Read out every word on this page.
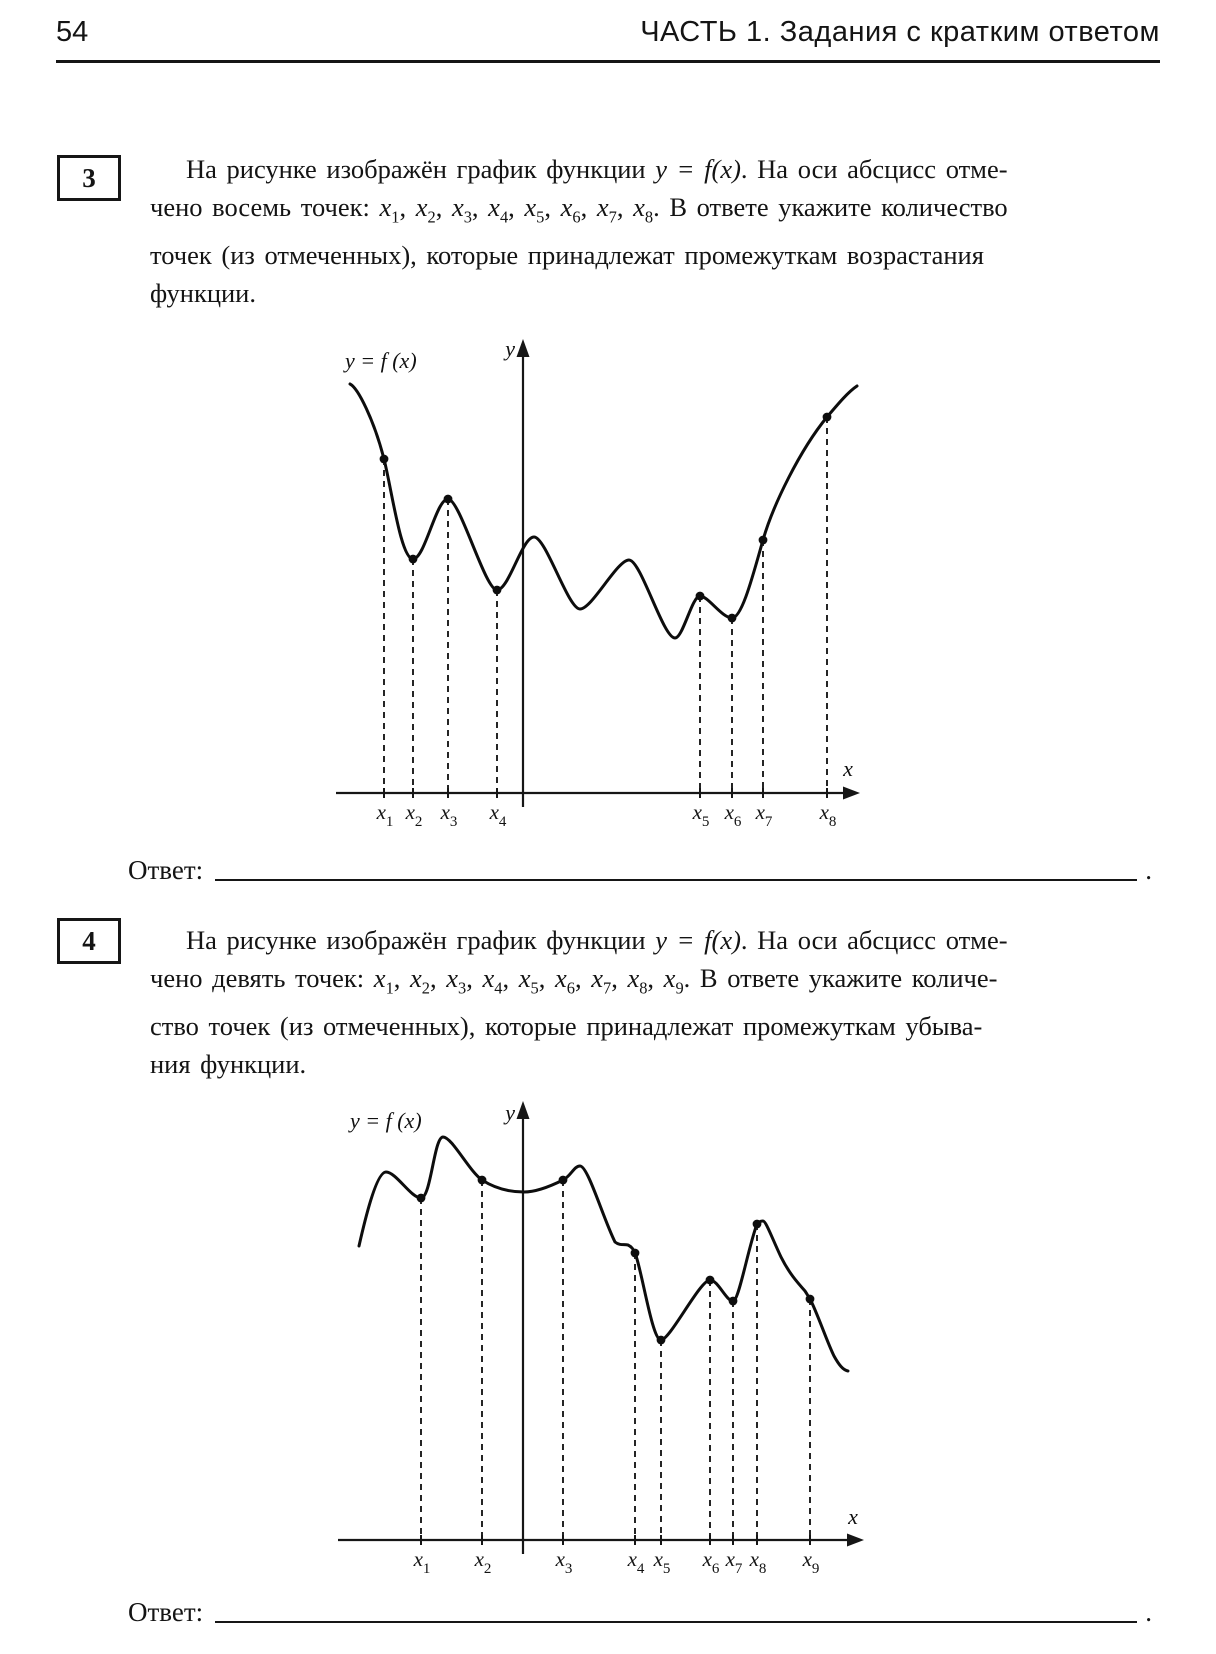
54	ЧАСТЬ 1. Задания с кратким ответом
3	На рисунке изображён график функции y = f(x). На оси абсцисс отме-
чено восемь точек: $x_1$, $x_2$, $x_3$, $x_4$, $x_5$, $x_6$, $x_7$, $x_8$. В ответе укажите количество
точек (из отмеченных), которые принадлежат промежуткам возрастания
функции.

y = f (x)
x
y
$x_1$ $x_2$ $x_3$ $x_4$	$x_5$ $x_6$ $x_7$ $x_8$
Ответ:	.
4	На рисунке изображён график функции y = f(x). На оси абсцисс отме-
чено девять точек: $x_1$, $x_2$, $x_3$, $x_4$, $x_5$, $x_6$, $x_7$, $x_8$, $x_9$. В ответе укажите количе-
ство точек (из отмеченных), которые принадлежат промежуткам убыва-
ния функции.

y = f (x)
x
y
$x_1$ $x_2$	$x_3$	$x_4$ $x_5$ $x_6$ $x_7$ $x_8$ $x_9$
Ответ:	.
